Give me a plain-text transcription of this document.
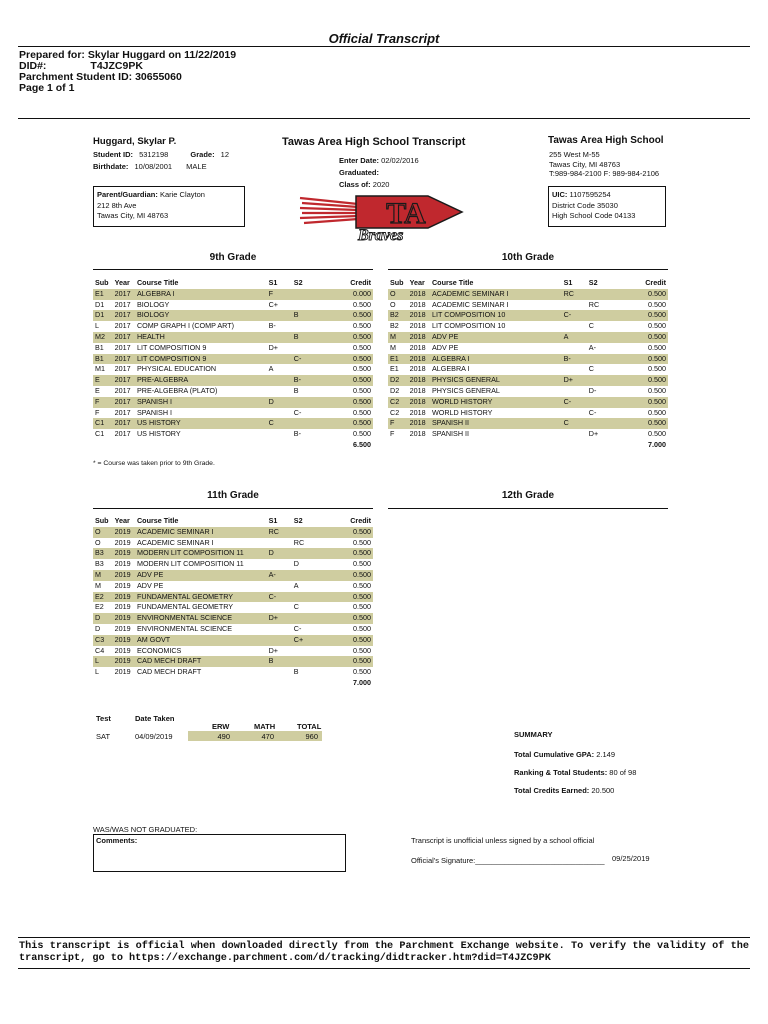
Official Transcript
Prepared for: Skylar Huggard on 11/22/2019
DID#:	T4JZC9PK
Parchment Student ID: 30655060
Page 1 of 1
Huggard, Skylar P.
Student ID: 5312198	Grade: 12
Birthdate: 10/08/2001 MALE
Tawas Area High School Transcript
Enter Date: 02/02/2016
Graduated:
Class of: 2020
Tawas Area High School
255 West M-55
Tawas City, MI 48763
T:989-984-2100 F: 989-984-2106
Parent/Guardian: Karie Clayton
212 8th Ave
Tawas City, MI 48763
UIC: 1107595254
District Code 35030
High School Code 04133
TA
Braves
9th Grade	10th Grade
Sub	Year	Course Title	S1	S2	Credit
E1	2017	ALGEBRA I	F		0.000
D1	2017	BIOLOGY	C+		0.500
D1	2017	BIOLOGY		B	0.500
L	2017	COMP GRAPH I (COMP ART)	B-		0.500
M2	2017	HEALTH		B	0.500
B1	2017	LIT COMPOSITION 9	D+		0.500
B1	2017	LIT COMPOSITION 9		C-	0.500
M1	2017	PHYSICAL EDUCATION	A		0.500
E	2017	PRE-ALGEBRA		B-	0.500
E	2017	PRE-ALGEBRA (PLATO)		B	0.500
F	2017	SPANISH I	D		0.500
F	2017	SPANISH I		C-	0.500
C1	2017	US HISTORY	C		0.500
C1	2017	US HISTORY		B-	0.500
					6.500
Sub	Year	Course Title	S1	S2	Credit
O	2018	ACADEMIC SEMINAR I	RC		0.500
O	2018	ACADEMIC SEMINAR I		RC	0.500
B2	2018	LIT COMPOSITION 10	C-		0.500
B2	2018	LIT COMPOSITION 10		C	0.500
M	2018	ADV PE	A		0.500
M	2018	ADV PE		A-	0.500
E1	2018	ALGEBRA I	B-		0.500
E1	2018	ALGEBRA I		C	0.500
D2	2018	PHYSICS GENERAL	D+		0.500
D2	2018	PHYSICS GENERAL		D-	0.500
C2	2018	WORLD HISTORY	C-		0.500
C2	2018	WORLD HISTORY		C-	0.500
F	2018	SPANISH II	C		0.500
F	2018	SPANISH II		D+	0.500
					7.000
* = Course was taken prior to 9th Grade.
11th Grade	12th Grade
Sub	Year	Course Title	S1	S2	Credit
O	2019	ACADEMIC SEMINAR I	RC		0.500
O	2019	ACADEMIC SEMINAR I		RC	0.500
B3	2019	MODERN LIT COMPOSITION 11	D		0.500
B3	2019	MODERN LIT COMPOSITION 11		D	0.500
M	2019	ADV PE	A-		0.500
M	2019	ADV PE		A	0.500
E2	2019	FUNDAMENTAL GEOMETRY	C-		0.500
E2	2019	FUNDAMENTAL GEOMETRY		C	0.500
D	2019	ENVIRONMENTAL SCIENCE	D+		0.500
D	2019	ENVIRONMENTAL SCIENCE		C-	0.500
C3	2019	AM GOVT		C+	0.500
C4	2019	ECONOMICS	D+		0.500
L	2019	CAD MECH DRAFT	B		0.500
L	2019	CAD MECH DRAFT		B	0.500
					7.000
Test	Date Taken
ERW	MATH	TOTAL
SAT	04/09/2019	490	470	960	SUMMARY
Total Cumulative GPA: 2.149
Ranking & Total Students: 80 of 98
Total Credits Earned: 20.500
WAS/WAS NOT GRADUATED:
Comments:	Transcript is unofficial unless signed by a school official
Official's Signature:_______________________________ 09/25/2019
This transcript is official when downloaded directly from the Parchment Exchange website. To verify the validity of the transcript, go to https://exchange.parchment.com/d/tracking/didtracker.htm?did=T4JZC9PK
